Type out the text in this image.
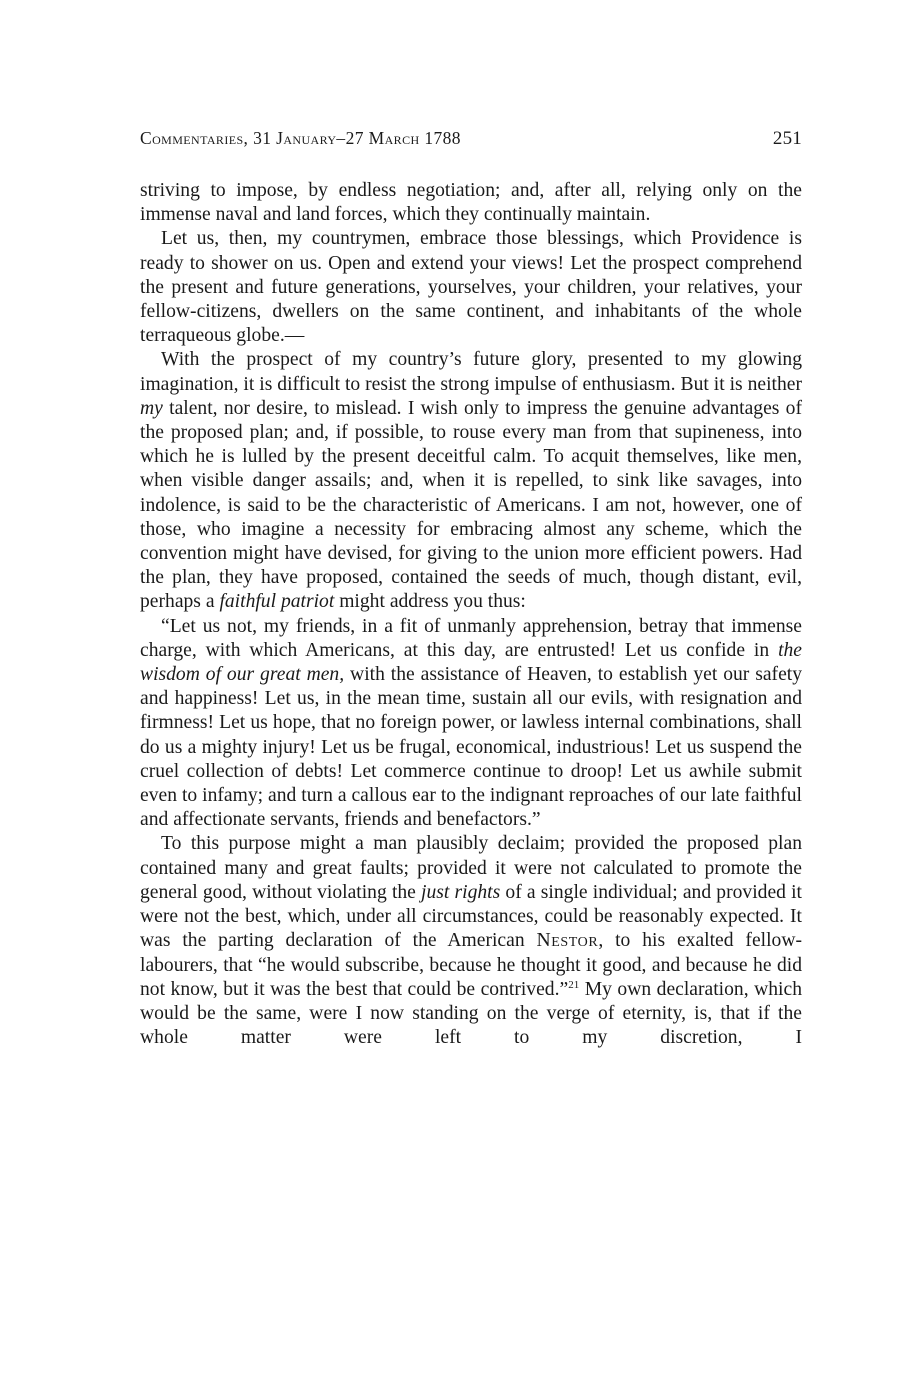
Commentaries, 31 January–27 March 1788	251

striving to impose, by endless negotiation; and, after all, relying only on the immense naval and land forces, which they continually maintain.

Let us, then, my countrymen, embrace those blessings, which Providence is ready to shower on us. Open and extend your views! Let the prospect comprehend the present and future generations, yourselves, your children, your relatives, your fellow-citizens, dwellers on the same continent, and inhabitants of the whole terraqueous globe.—

With the prospect of my country’s future glory, presented to my glowing imagination, it is difficult to resist the strong impulse of enthusiasm. But it is neither my talent, nor desire, to mislead. I wish only to impress the genuine advantages of the proposed plan; and, if possible, to rouse every man from that supineness, into which he is lulled by the present deceitful calm. To acquit themselves, like men, when visible danger assails; and, when it is repelled, to sink like savages, into indolence, is said to be the characteristic of Americans. I am not, however, one of those, who imagine a necessity for embracing almost any scheme, which the convention might have devised, for giving to the union more efficient powers. Had the plan, they have proposed, contained the seeds of much, though distant, evil, perhaps a faithful patriot might address you thus:

“Let us not, my friends, in a fit of unmanly apprehension, betray that immense charge, with which Americans, at this day, are entrusted! Let us confide in the wisdom of our great men, with the assistance of Heaven, to establish yet our safety and happiness! Let us, in the mean time, sustain all our evils, with resignation and firmness! Let us hope, that no foreign power, or lawless internal combinations, shall do us a mighty injury! Let us be frugal, economical, industrious! Let us suspend the cruel collection of debts! Let commerce continue to droop! Let us awhile submit even to infamy; and turn a callous ear to the indignant reproaches of our late faithful and affectionate servants, friends and benefactors.”

To this purpose might a man plausibly declaim; provided the proposed plan contained many and great faults; provided it were not calculated to promote the general good, without violating the just rights of a single individual; and provided it were not the best, which, under all circumstances, could be reasonably expected. It was the parting declaration of the American Nestor, to his exalted fellow-labourers, that “he would subscribe, because he thought it good, and because he did not know, but it was the best that could be contrived.”$^{21}$ My own declaration, which would be the same, were I now standing on the verge of eternity, is, that if the whole matter were left to my discretion, I
